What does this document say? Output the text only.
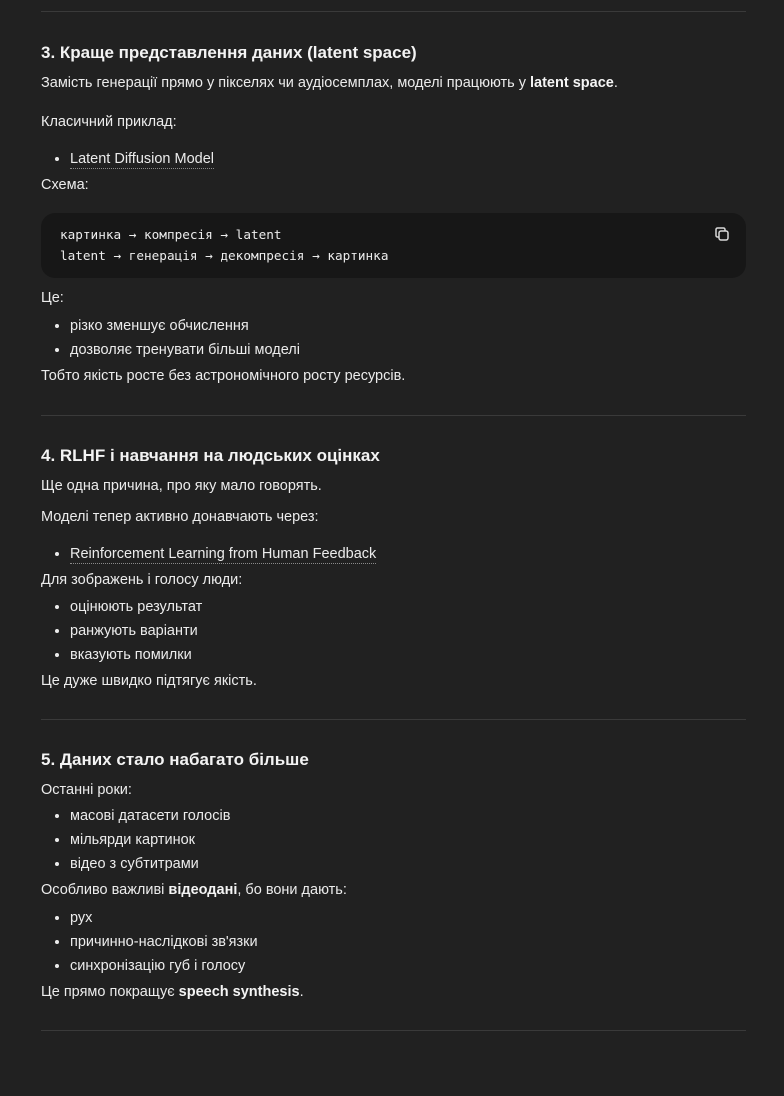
3. Краще представлення даних (latent space)

Замість генерації прямо у пікселях чи аудіосемплах, моделі працюють у latent space.

Класичний приклад:

• Latent Diffusion Model

Схема:

картинка → компресія → latent
latent → генерація → декомпресія → картинка

Це:

• різко зменшує обчислення
• дозволяє тренувати більші моделі

Тобто якість росте без астрономічного росту ресурсів.

4. RLHF і навчання на людських оцінках

Ще одна причина, про яку мало говорять.

Моделі тепер активно донавчають через:

• Reinforcement Learning from Human Feedback

Для зображень і голосу люди:

• оцінюють результат
• ранжують варіанти
• вказують помилки

Це дуже швидко підтягує якість.

5. Даних стало набагато більше

Останні роки:

• масові датасети голосів
• мільярди картинок
• відео з субтитрами

Особливо важливі відеодані, бо вони дають:

• рух
• причинно-наслідкові зв'язки
• синхронізацію губ і голосу

Це прямо покращує speech synthesis.
